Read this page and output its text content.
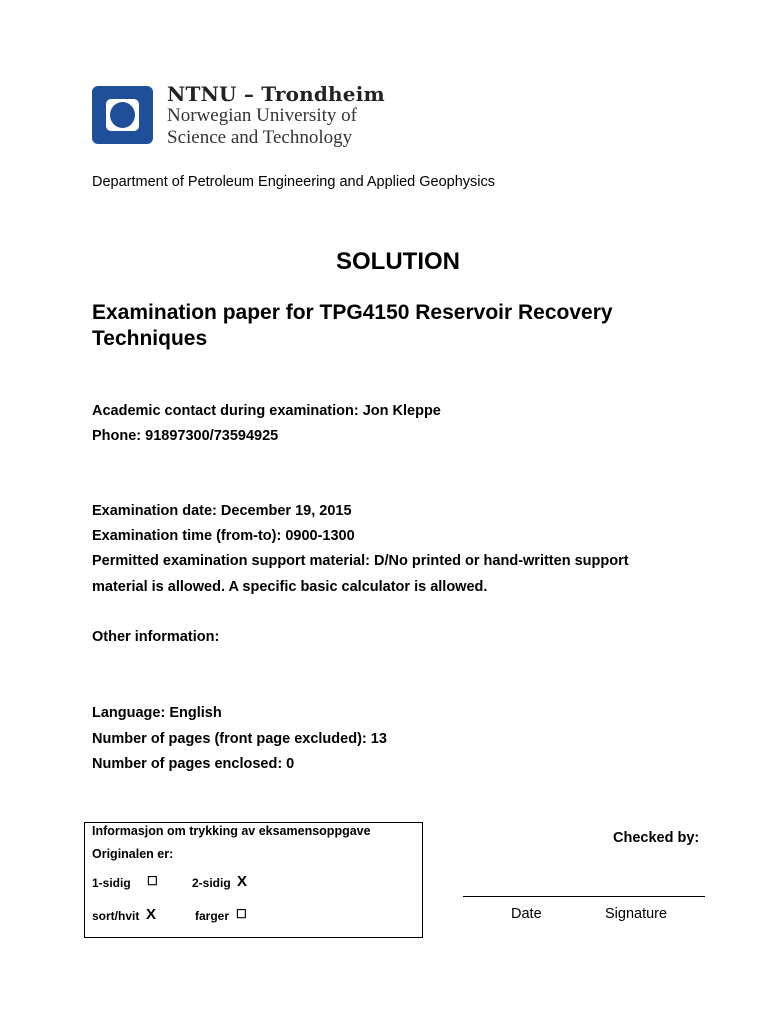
NTNU – Trondheim
Norwegian University of
Science and Technology
Department of Petroleum Engineering and Applied Geophysics
SOLUTION
Examination paper for TPG4150 Reservoir Recovery Techniques
Academic contact during examination: Jon Kleppe
Phone: 91897300/73594925
Examination date: December 19, 2015
Examination time (from-to): 0900-1300
Permitted examination support material: D/No printed or hand-written support
material is allowed. A specific basic calculator is allowed.
Other information:
Language: English
Number of pages (front page excluded): 13
Number of pages enclosed: 0
Informasjon om trykking av eksamensoppgave
Originalen er:
1-sidig ☐	2-sidig X
sort/hvit X	farger ☐
Checked by:
Date	Signature
